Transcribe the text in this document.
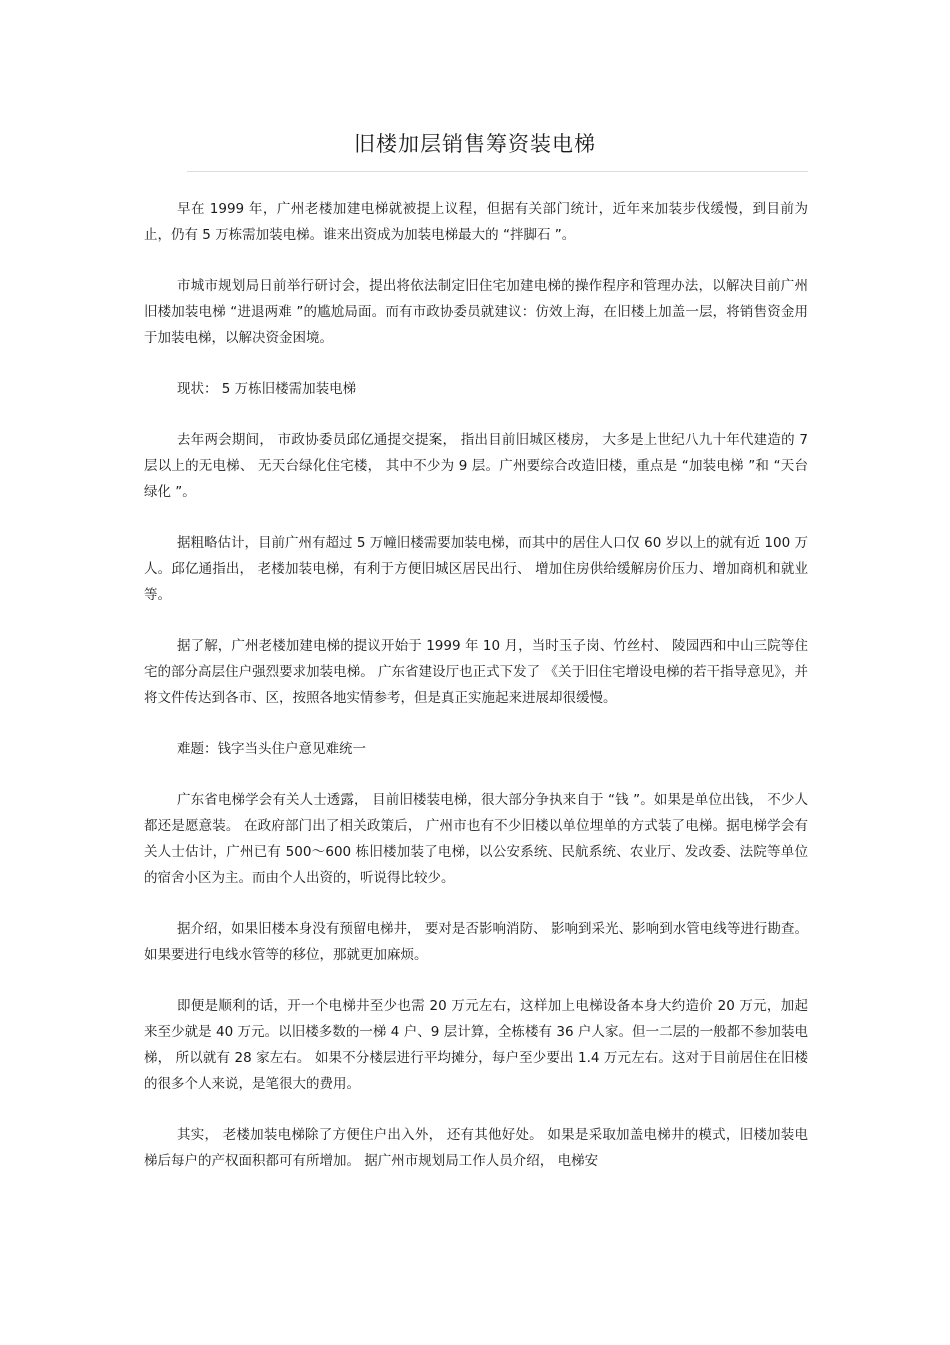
旧楼加层销售筹资装电梯

早在 1999 年，广州老楼加建电梯就被提上议程，但据有关部门统计，近年来加装步伐缓慢，到目前为止，仍有 5 万栋需加装电梯。谁来出资成为加装电梯最大的 “拌脚石 ”。

市城市规划局日前举行研讨会，提出将依法制定旧住宅加建电梯的操作程序和管理办法，以解决目前广州旧楼加装电梯 “进退两难 ”的尴尬局面。而有市政协委员就建议：仿效上海，在旧楼上加盖一层，将销售资金用于加装电梯，以解决资金困境。

现状： 5 万栋旧楼需加装电梯

去年两会期间， 市政协委员邱亿通提交提案， 指出目前旧城区楼房， 大多是上世纪八九十年代建造的 7 层以上的无电梯、 无天台绿化住宅楼， 其中不少为 9 层。广州要综合改造旧楼，重点是 “加装电梯 ”和 “天台绿化 ”。

据粗略估计，目前广州有超过 5 万幢旧楼需要加装电梯，而其中的居住人口仅 60 岁以上的就有近 100 万人。邱亿通指出， 老楼加装电梯，有利于方便旧城区居民出行、 增加住房供给缓解房价压力、增加商机和就业等。

据了解，广州老楼加建电梯的提议开始于 1999 年 10 月，当时玉子岗、竹丝村、 陵园西和中山三院等住宅的部分高层住户强烈要求加装电梯。 广东省建设厅也正式下发了 《关于旧住宅增设电梯的若干指导意见》，并将文件传达到各市、区，按照各地实情参考，但是真正实施起来进展却很缓慢。

难题：钱字当头住户意见难统一

广东省电梯学会有关人士透露， 目前旧楼装电梯，很大部分争执来自于 “钱 ”。如果是单位出钱， 不少人都还是愿意装。 在政府部门出了相关政策后， 广州市也有不少旧楼以单位埋单的方式装了电梯。据电梯学会有关人士估计，广州已有 500～600 栋旧楼加装了电梯，以公安系统、民航系统、农业厅、发改委、法院等单位的宿舍小区为主。而由个人出资的，听说得比较少。

据介绍，如果旧楼本身没有预留电梯井， 要对是否影响消防、 影响到采光、影响到水管电线等进行勘查。如果要进行电线水管等的移位，那就更加麻烦。

即便是顺利的话，开一个电梯井至少也需 20 万元左右，这样加上电梯设备本身大约造价 20 万元，加起来至少就是 40 万元。以旧楼多数的一梯 4 户、9 层计算，全栋楼有 36 户人家。但一二层的一般都不参加装电梯， 所以就有 28 家左右。 如果不分楼层进行平均摊分，每户至少要出 1.4 万元左右。这对于目前居住在旧楼的很多个人来说，是笔很大的费用。

其实， 老楼加装电梯除了方便住户出入外， 还有其他好处。 如果是采取加盖电梯井的模式，旧楼加装电梯后每户的产权面积都可有所增加。 据广州市规划局工作人员介绍， 电梯安
